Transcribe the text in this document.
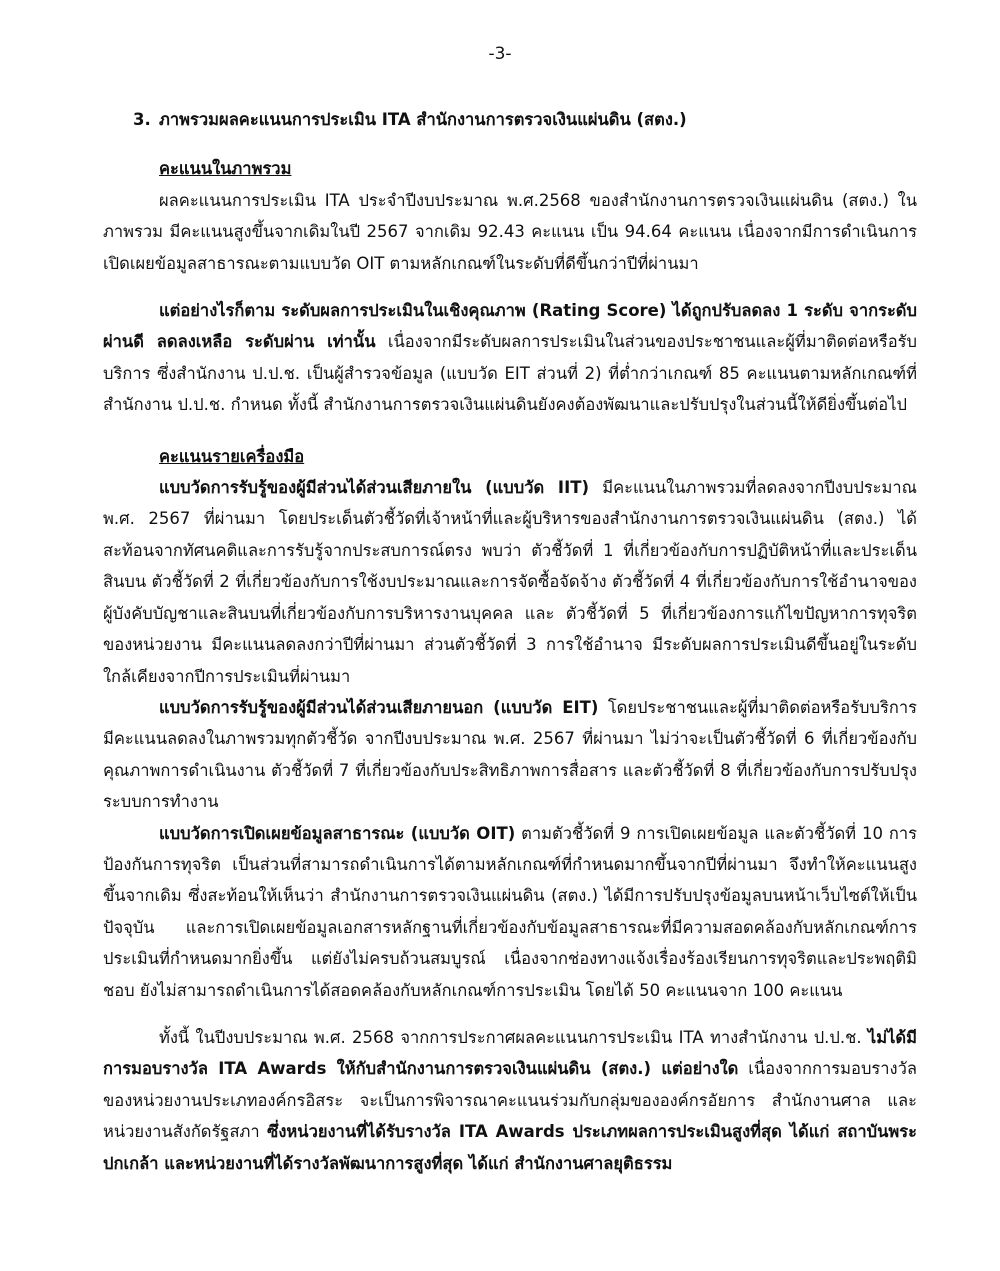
-3-
3. ภาพรวมผลคะแนนการประเมิน ITA สำนักงานการตรวจเงินแผ่นดิน (สตง.)
คะแนนในภาพรวม

ผลคะแนนการประเมิน ITA ประจำปีงบประมาณ พ.ศ.2568 ของสำนักงานการตรวจเงินแผ่นดิน (สตง.) ในภาพรวม มีคะแนนสูงขึ้นจากเดิมในปี 2567 จากเดิม 92.43 คะแนน เป็น 94.64 คะแนน เนื่องจากมีการดำเนินการเปิดเผยข้อมูลสาธารณะตามแบบวัด OIT ตามหลักเกณฑ์ในระดับที่ดีขึ้นกว่าปีที่ผ่านมา

แต่อย่างไรก็ตาม ระดับผลการประเมินในเชิงคุณภาพ (Rating Score) ได้ถูกปรับลดลง 1 ระดับ จากระดับผ่านดี ลดลงเหลือ ระดับผ่าน เท่านั้น เนื่องจากมีระดับผลการประเมินในส่วนของประชาชนและผู้ที่มาติดต่อหรือรับบริการ ซึ่งสำนักงาน ป.ป.ช. เป็นผู้สำรวจข้อมูล (แบบวัด EIT ส่วนที่ 2) ที่ต่ำกว่าเกณฑ์ 85 คะแนนตามหลักเกณฑ์ที่สำนักงาน ป.ป.ช. กำหนด ทั้งนี้ สำนักงานการตรวจเงินแผ่นดินยังคงต้องพัฒนาและปรับปรุงในส่วนนี้ให้ดียิ่งขึ้นต่อไป

คะแนนรายเครื่องมือ

แบบวัดการรับรู้ของผู้มีส่วนได้ส่วนเสียภายใน (แบบวัด IIT) มีคะแนนในภาพรวมที่ลดลงจากปีงบประมาณ พ.ศ. 2567 ที่ผ่านมา โดยประเด็นตัวชี้วัดที่เจ้าหน้าที่และผู้บริหารของสำนักงานการตรวจเงินแผ่นดิน (สตง.) ได้สะท้อนจากทัศนคติและการรับรู้จากประสบการณ์ตรง พบว่า ตัวชี้วัดที่ 1 ที่เกี่ยวข้องกับการปฏิบัติหน้าที่และประเด็นสินบน ตัวชี้วัดที่ 2 ที่เกี่ยวข้องกับการใช้งบประมาณและการจัดซื้อจัดจ้าง ตัวชี้วัดที่ 4 ที่เกี่ยวข้องกับการใช้อำนาจของผู้บังคับบัญชาและสินบนที่เกี่ยวข้องกับการบริหารงานบุคคล และ ตัวชี้วัดที่ 5 ที่เกี่ยวข้องการแก้ไขปัญหาการทุจริตของหน่วยงาน มีคะแนนลดลงกว่าปีที่ผ่านมา ส่วนตัวชี้วัดที่ 3 การใช้อำนาจ มีระดับผลการประเมินดีขึ้นอยู่ในระดับใกล้เคียงจากปีการประเมินที่ผ่านมา

แบบวัดการรับรู้ของผู้มีส่วนได้ส่วนเสียภายนอก (แบบวัด EIT) โดยประชาชนและผู้ที่มาติดต่อหรือรับบริการ มีคะแนนลดลงในภาพรวมทุกตัวชี้วัด จากปีงบประมาณ พ.ศ. 2567 ที่ผ่านมา ไม่ว่าจะเป็นตัวชี้วัดที่ 6 ที่เกี่ยวข้องกับคุณภาพการดำเนินงาน ตัวชี้วัดที่ 7 ที่เกี่ยวข้องกับประสิทธิภาพการสื่อสาร และตัวชี้วัดที่ 8 ที่เกี่ยวข้องกับการปรับปรุงระบบการทำงาน

แบบวัดการเปิดเผยข้อมูลสาธารณะ (แบบวัด OIT) ตามตัวชี้วัดที่ 9 การเปิดเผยข้อมูล และตัวชี้วัดที่ 10 การป้องกันการทุจริต เป็นส่วนที่สามารถดำเนินการได้ตามหลักเกณฑ์ที่กำหนดมากขึ้นจากปีที่ผ่านมา จึงทำให้คะแนนสูงขึ้นจากเดิม ซึ่งสะท้อนให้เห็นว่า สำนักงานการตรวจเงินแผ่นดิน (สตง.) ได้มีการปรับปรุงข้อมูลบนหน้าเว็บไซต์ให้เป็นปัจจุบัน และการเปิดเผยข้อมูลเอกสารหลักฐานที่เกี่ยวข้องกับข้อมูลสาธารณะที่มีความสอดคล้องกับหลักเกณฑ์การประเมินที่กำหนดมากยิ่งขึ้น แต่ยังไม่ครบถ้วนสมบูรณ์ เนื่องจากช่องทางแจ้งเรื่องร้องเรียนการทุจริตและประพฤติมิชอบ ยังไม่สามารถดำเนินการได้สอดคล้องกับหลักเกณฑ์การประเมิน โดยได้ 50 คะแนนจาก 100 คะแนน

ทั้งนี้ ในปีงบประมาณ พ.ศ. 2568 จากการประกาศผลคะแนนการประเมิน ITA ทางสำนักงาน ป.ป.ช. ไม่ได้มีการมอบรางวัล ITA Awards ให้กับสำนักงานการตรวจเงินแผ่นดิน (สตง.) แต่อย่างใด เนื่องจากการมอบรางวัลของหน่วยงานประเภทองค์กรอิสระ จะเป็นการพิจารณาคะแนนร่วมกับกลุ่มขององค์กรอัยการ สำนักงานศาล และหน่วยงานสังกัดรัฐสภา ซึ่งหน่วยงานที่ได้รับรางวัล ITA Awards ประเภทผลการประเมินสูงที่สุด ได้แก่ สถาบันพระปกเกล้า และหน่วยงานที่ได้รางวัลพัฒนาการสูงที่สุด ได้แก่ สำนักงานศาลยุติธรรม
